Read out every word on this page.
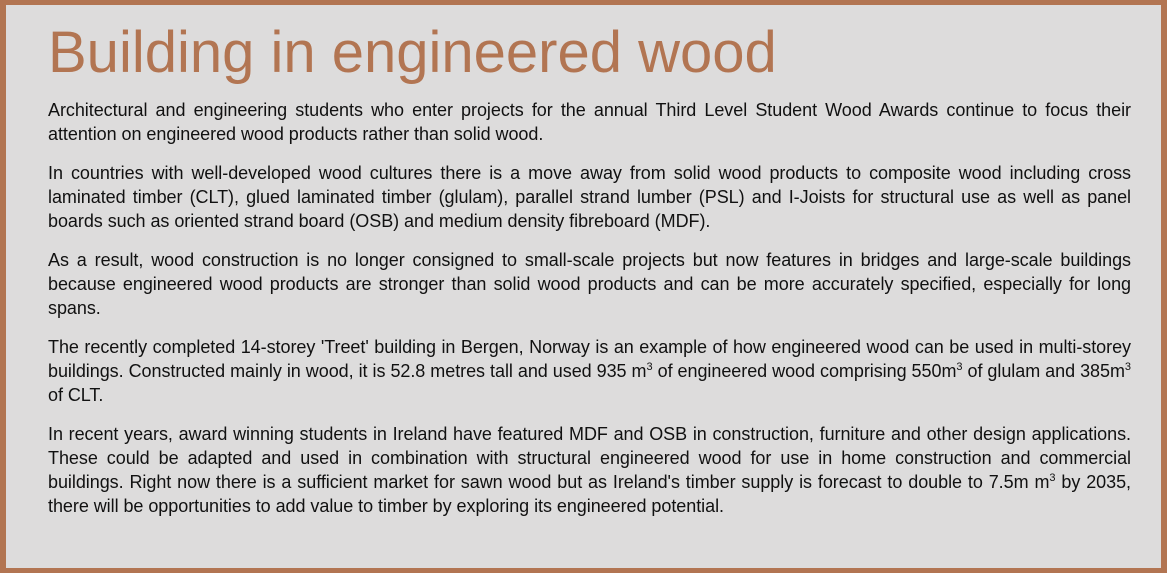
Building in engineered wood

Architectural and engineering students who enter projects for the annual Third Level Student Wood Awards continue to focus their attention on engineered wood products rather than solid wood.

In countries with well-developed wood cultures there is a move away from solid wood products to composite wood including cross laminated timber (CLT), glued laminated timber (glulam), parallel strand lumber (PSL) and I-Joists for structural use as well as panel boards such as oriented strand board (OSB) and medium density fibreboard (MDF).

As a result, wood construction is no longer consigned to small-scale projects but now features in bridges and large-scale buildings because engineered wood products are stronger than solid wood products and can be more accurately specified, especially for long spans.

The recently completed 14-storey 'Treet' building in Bergen, Norway is an example of how engineered wood can be used in multi-storey buildings. Constructed mainly in wood, it is 52.8 metres tall and used 935 $m^3$ of engineered wood comprising $550m^3$ of glulam and $385m^3$ of CLT.

In recent years, award winning students in Ireland have featured MDF and OSB in construction, furniture and other design applications. These could be adapted and used in combination with structural engineered wood for use in home construction and commercial buildings. Right now there is a sufficient market for sawn wood but as Ireland's timber supply is forecast to double to 7.5m $m^3$ by 2035, there will be opportunities to add value to timber by exploring its engineered potential.
